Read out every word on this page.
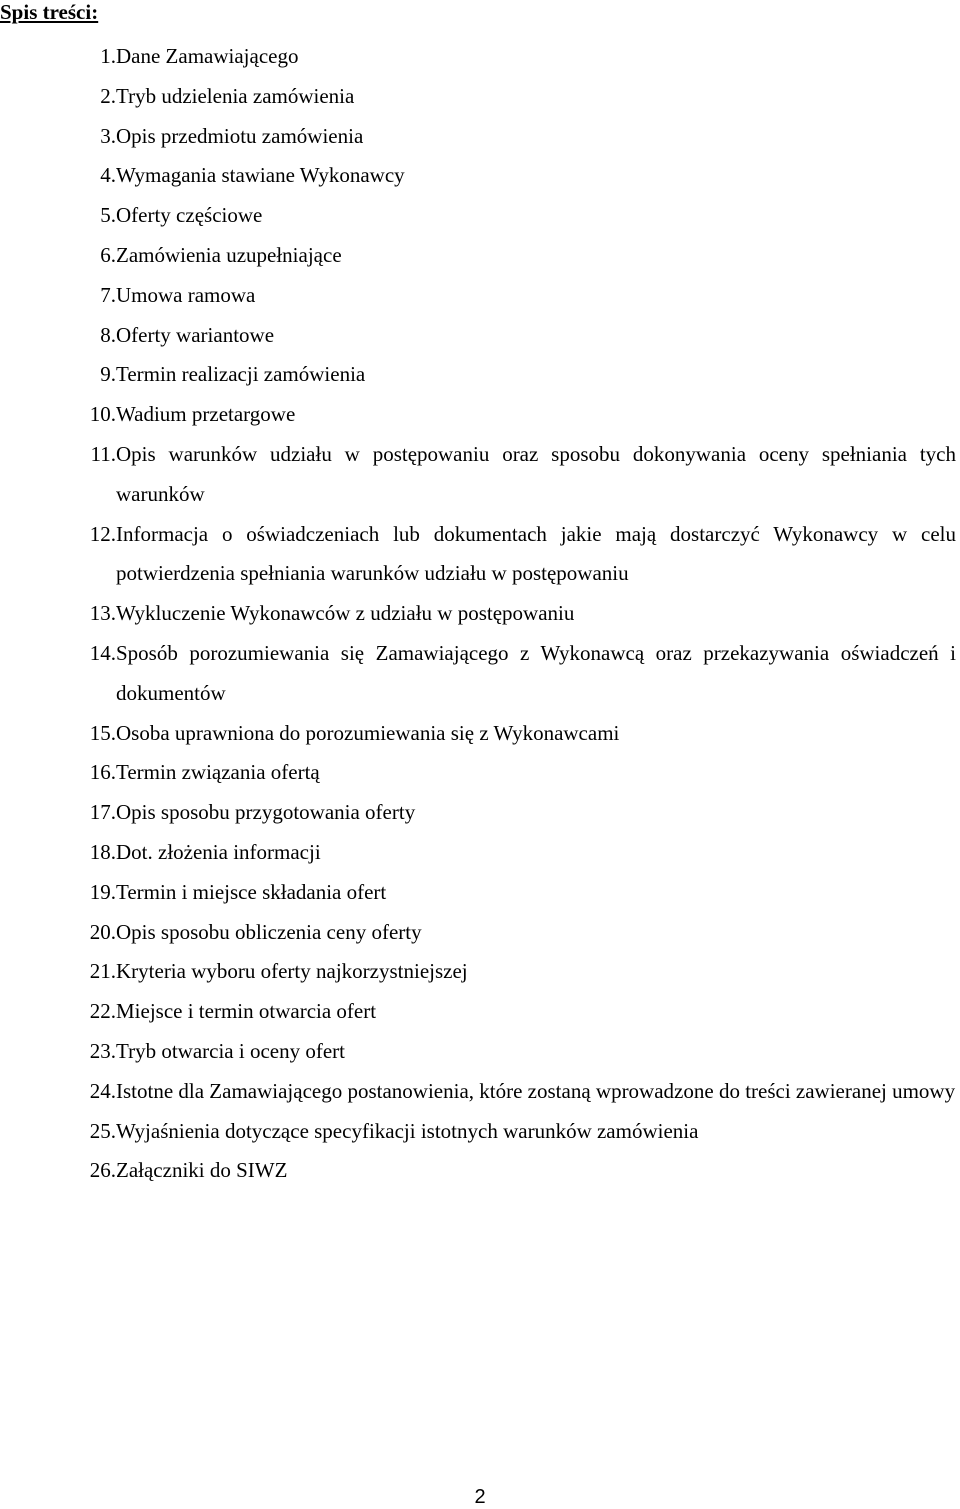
Spis treści:
1. Dane Zamawiającego
2. Tryb udzielenia zamówienia
3. Opis przedmiotu zamówienia
4. Wymagania stawiane Wykonawcy
5. Oferty częściowe
6. Zamówienia uzupełniające
7. Umowa ramowa
8. Oferty wariantowe
9. Termin realizacji zamówienia
10. Wadium przetargowe
11. Opis warunków udziału w postępowaniu oraz sposobu dokonywania oceny spełniania tych warunków
12. Informacja o oświadczeniach lub dokumentach jakie mają dostarczyć Wykonawcy w celu potwierdzenia spełniania warunków udziału w postępowaniu
13. Wykluczenie Wykonawców z udziału w postępowaniu
14. Sposób porozumiewania się Zamawiającego z Wykonawcą oraz przekazywania oświadczeń i dokumentów
15. Osoba uprawniona do porozumiewania się z Wykonawcami
16. Termin związania ofertą
17. Opis sposobu przygotowania oferty
18. Dot. złożenia informacji
19. Termin i miejsce składania ofert
20. Opis sposobu obliczenia ceny oferty
21. Kryteria wyboru oferty najkorzystniejszej
22. Miejsce i termin otwarcia ofert
23. Tryb otwarcia i oceny ofert
24. Istotne dla Zamawiającego postanowienia, które zostaną wprowadzone do treści zawieranej umowy
25. Wyjaśnienia dotyczące specyfikacji istotnych warunków zamówienia
26. Załączniki do SIWZ
2
